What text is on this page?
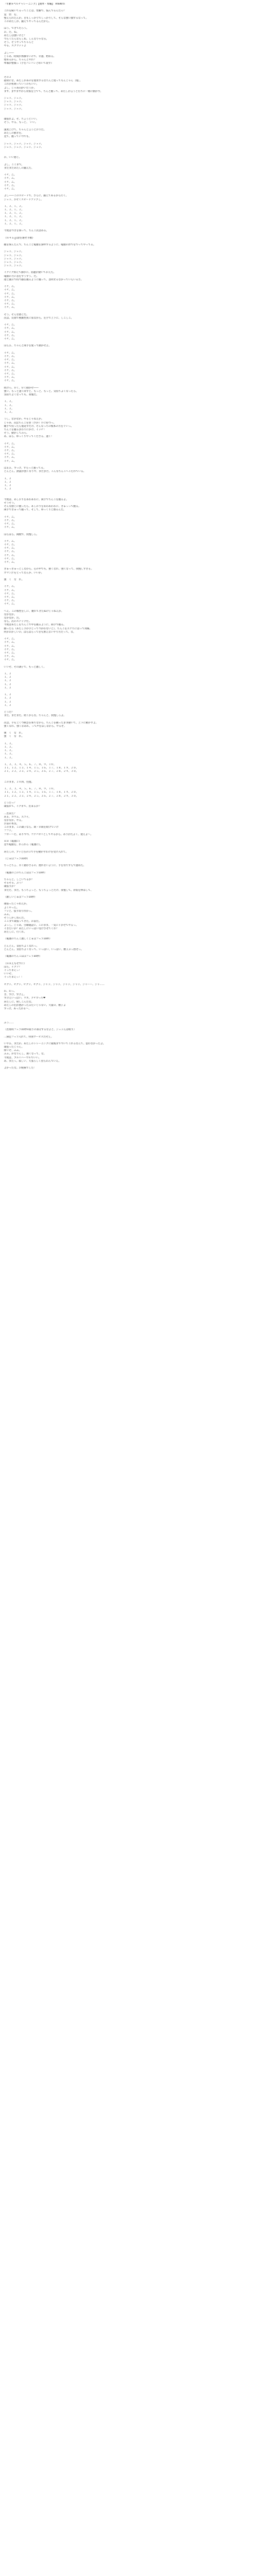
『年齢×ペルチャレーニング』【簡単・本編】　RISW/ｂ
これを聞いてるってことは、性癖で、悩んでるんだろ？
覚　悟　を、
整えられたんか。目もしっかりでしっかりして、そんな強い顔するなって。
このあたしが、鍛えてやってるんだから。
ほう、できてだろう。
お、だ、ね。
あたしは強いけど？
つらくたんならしね、しんなりゃなる。
そう、そうやってちゃんと
やる、スクワットよ
よし――
じゃあ、時間が体操早いので、早速、始める。
始めるから、ちゃんとやれ？
準備が整備っ（手をパンパンと叩いて促す）
その２
最初にな、あたしがあのを使用するなちんと使ってもんじゃん［嗤］。
これが初期っていうのもいい。
よし、じゃあ向かいだうか。
まず、まずまずから背筋を立てて、ちんと握って、あたしが言うと打ちに一緒に動かす。
ジュッ、ジュッ。
ジュッ、ジュッ。
ジュッ、ジュッ。
ジュッ、ジュッ。
頑張れよ。そ、ちょうどいい。
そう、やる、もっと、　いい。
速度上げて、ちゃんと言うとおりだ。
あたしの動きを、
見て、握っていつでも、
ジュッ、ジュッ、ジュッ、ジュッ。
ジュッ、ジュッ、ジュッ、ジュッ。
お、いい感じ。
よし、ここまで。
まだまだあたしの鍛えた、
イチ、ニ。
イチ、ニ。
イチ、ニ。
イチ、ニ。
イチ、ニ。
よし――このスピードで、さらに、鍛えてあるから行く。
ジュッ、おそくスピードアップし。
１、２、１、２。
１、２、１、２。
１、２、１、２。
１、２、１、２。
１、２、１、２。
１、２、１、２。
今度はつぎを保って、ちんこ次はある。
（Ｒ４ａｇ/諸を通せ手順）
握を保んたんで、ちんこと亀頭を深呼するように、亀頭の形でをでってやってる。
ジュッ、ジュッ。
ジュッ、ジュッ。
ジュッ、ジュッ。
ジュッ、ジュッ。
ジュッ、ジュッ。
イクイク抑えて静かに。宿題が動いておえた。
亀頭の力に息をすうすう、だ。
指と親示で持つ器を握るように握って、息吹せるなかっていらいるさ。
イチ、ニ。
イチ、ニ。
イチ、ニ。
イチ、ニ。
イチ、ニ。
イチ、ニ。
イチ、ニ。
そう、そんな感じだ。
次は、反芻で複雑性質に似ながら、左手で上下に、しこしこ。
イチ、ニ。
イチ、ニ。
イチ、ニ。
イチ、ニ。
イチ、ニ。
ほらぁ、ちゃんと両手を使って動かせよ。
イチ、ニ。
イチ、ニ。
イチ、ニ。
イチ、ニ。
イチ、ニ。
イチ、ニ。
イチ、ニ。
イチ、ニ。
イチ、ニ。
続けろ、早く、早く動かせ――
強い、もっと速く回すと、もっと、もっと。気持ちよくなったら、
気持ちよくなっても、我慢だ。
１、２。
１、２。
１、２。
１、２。
うし、なかなか。やるじゃねえか。
じゃあ、次はちんこを逆（さか）手に持つっ。
順手で持ったら裏返すだけ。そんなっちの根本の方をぐいっ。
ちんこを握るまわりにかけ、イッチ！
そう、動かしてみろ。
あ、ほら、ゆっくりやってくださる、速く！
イチ、ニ。
イチ、ニ。
イチ、ニ。
イチ、ニ。
イチ、ニ。
イチ、ニ。
はぁぁ、すっげ、すらっと漲ってる。
どんどん、熱量が強くなりや、まだまだ、こんなちんこへこたれている。
１、２
１、２
１、２
１、２
今度は、あしおりをあわあわに、両手でちんこを握るよ。
そうそう。
そんな感じに握ったら、あしおりをあわあわわに、ぎゅっって握る。
両手できゅって握って、そして、ゆっくりと擦るんだ。
イチ、ニ。
イチ、ニ。
イチ、ニ。
イチ、ニ。
ほらほら、両腕で、我慢しろ。
イチ、ニ。
イチ、ニ。
イチ、ニ。
イチ、ニ。
イチ、ニ。
イチ、ニ。
イチ、ニ。
ぎゅっぎゅっとしながら、心の中でも、強くなれ、強くなって、我慢しすぎる。
ガマン汁をとってなんか、いいか。
強　く　な　れ。
イチ、ニ。
イチ、ニ。
イチ、ニ。
イチ、ニ。
イチ、ニ。
イチ、ニ。
へえ、この根性をしに、優れてきたぬけじゃねえか。
なかなか、
なかなか、だ。
なら、次のステップだ。
今度はあたしをちんこで中を握るように、両手で握る。
掴ったら（あたし手が手とってつかわないと）、ちんこをエアちにはって同様。
何がおかしいの、ばらばらって位も無えないやり方だって、な、
イチ、ニ。
イチ、ニ。
イチ、ニ。
イチ、ニ。
イチ、ニ。
イチ、ニ。
イチ、ニ。
いいぞ、その調子で、もっと激しく。
１、２
１、２
１、２
１、２
１、２
１、２
１、２
１、２
１、２
どうだ？
まだ、まだまだ、続くからな。ちゃんと、我慢しろよ。
次は、手を上くつ緩急を保ちながら、ちんこを握ったまま動いて、上下に動かすよ。
強くなれ、強くなあれ。って声をはしながら、やるぞ。
強　く　な　れ。
強　く　な　れ。
１、２。
１、２。
１、２。
１、２。
１、２。
１、２、３、４、５、６、７、８、９、１０、
１１、１２、１３、１４、１５、１６、１７、１８、１９、２０、
２１、２２、２３、２４、２５、２６、２７、２８、２９、３０。
このまま、２０回、往復。
１、２、３、４、５、６、７、８、９、１０、
１１、１２、１３、１４、１５、１６、１７、１８、１９、２０、
２１、２２、２３、２４、２５、２６、２７、２８、２９、３０。
どうだっ？
頑張れて、イクまで、出来るか？
…出来た？
あぁ、カウム、ズゴイ。
なかなか、やる。
お前の本気、
このまま、この調子なら、期・早期を続けていけ
フフッ。
フロー〜だ、ありつつ、ゴアバロリとしてやるから、ありがたよく、使えよ〜。
ＲＢ（亀頭に）
息で亀頭を、れろれろ（亀頭に）。
あたしの、ブッと右の口で手を動かすわけを受け入れて。
（じゅぽフェラ10秒）
ちっとちょ、早く動かさるの、遅れないように、手を待ちすらで速めた。
（亀頭の上のちんこほぼフェラ10秒）
ちゃんと、しごいてるか？
そるそる、ぶぅ？
頑張りか？
まだだ、まだ、もうちょっと、もうちょっとだけ、我慢して。背筋を伸ばして、
（激しいじゅぽフェラ10秒）
頑張ったじゃねえか。
よくやった。
フッと、張り切り作がっ。
ふふ。
そうしかしねんだ。
ここまで頑張ってきた、お前だ。
よっし。じゃあ、告曜通話に、このまま、一気にイかせてやるっ。
イきたいか？あたしにいっぱい受けさせてくれ？
あたしに、行くれ。
（亀頭のちんこ激しくじゅぽフェラ10秒）
どんどん、気持ちよくなれっ。
どんどん、気持ちよくなって、いっぱい、いっぱい、精子ぶっ放せっ。
（亀頭のちんこほぼフェラ30秒）
（ＲＲえもせずに）
ほら、イクゾ？
イっちまえっ！
いいぞ、
イっちまえっ！！
ビグッ、ビグッ、ビグッ、ビグッ、ジャッ、ジャッ、ジャッ、ジャッ、ジャーー、ジャ……
わ、わっ。
き、すげ、すげぇ。
すげえいっぱい、ウカ、クチガっち❤
あたしに、射しこんだな。
あたしの出が悪かったみたいじゃない。大量の、精子よ
すっげ、あったかぁ〜、
ふう……
（出席時フェラ10秒×取りの部分するなよと、ジュッんぱ啜り）
…満足フェラ入れて、特別サービスだぜぇ。
いやぁ、まだか、あたしのトレーニングに最後までついてこれるなんて、思わなかったよ。
頑張ったじゃん。
偉いぞ、ふふ。
ふふ。がなりんし、強くなって、な。
今度は、ブルリハーサルでいい。
あ、またっ。寂しい、天張ろしく望らわんでいえ。
よかったな。お疲様でした！
